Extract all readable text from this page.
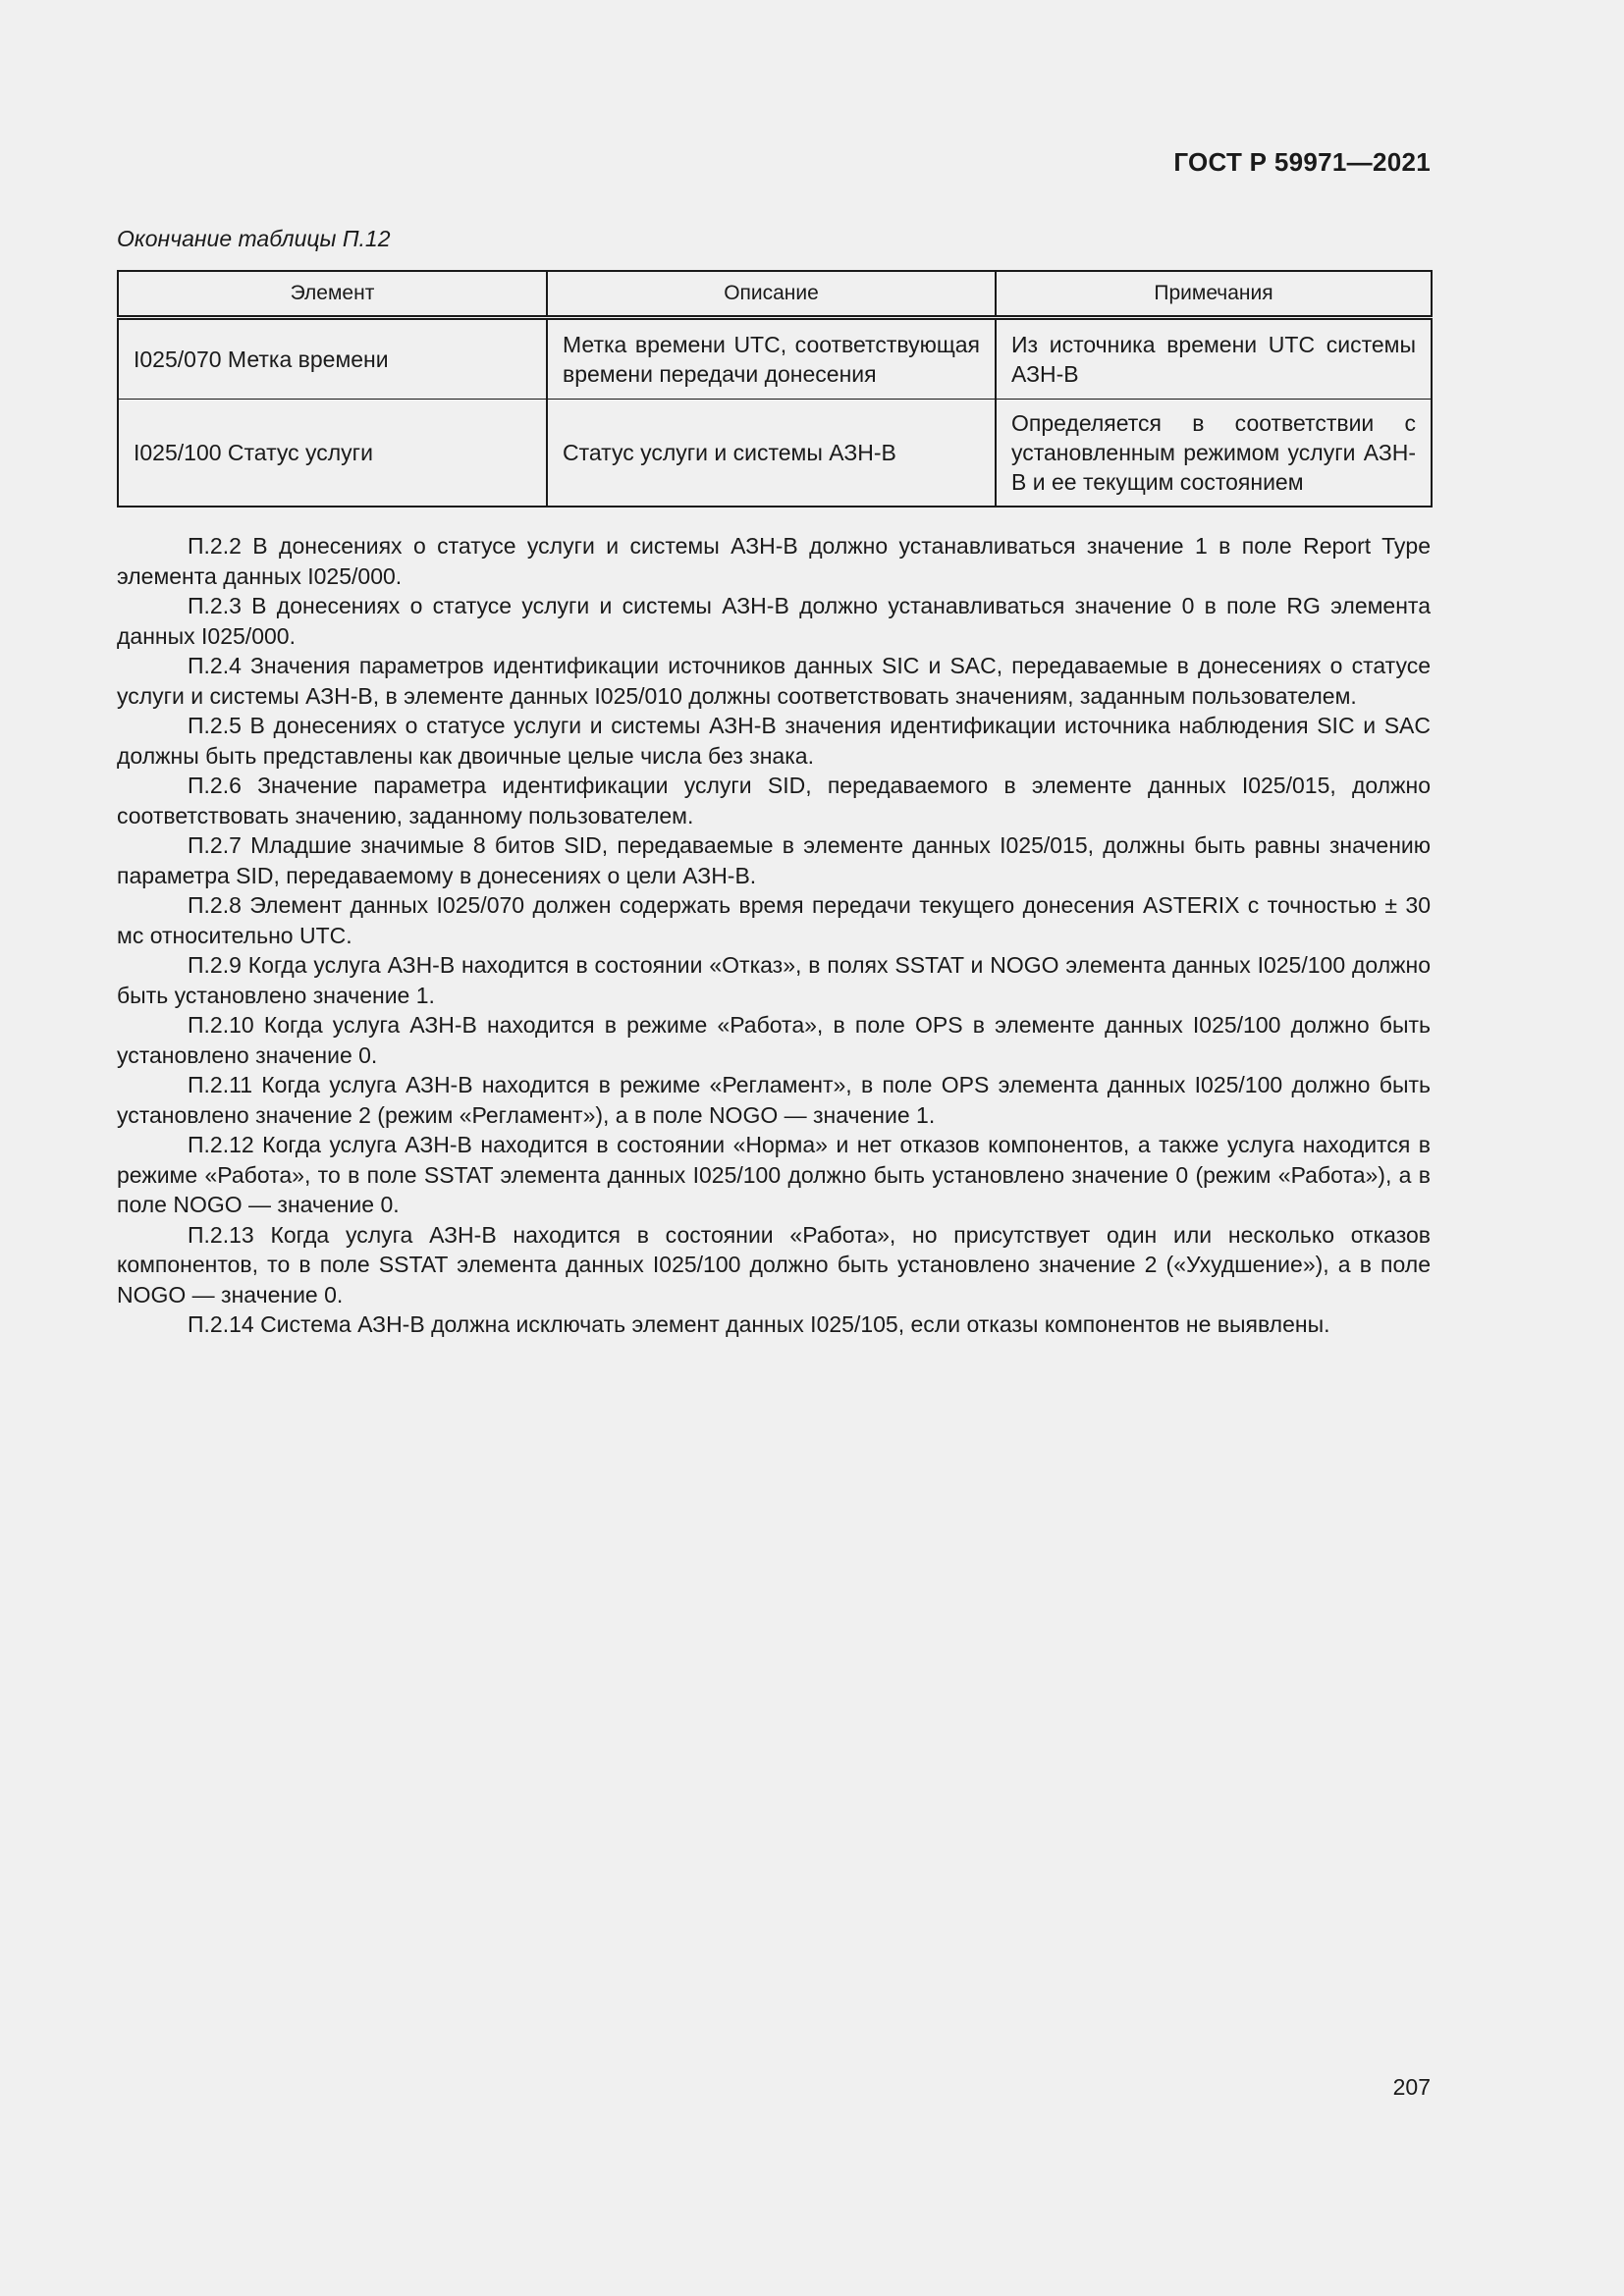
ГОСТ Р 59971—2021
Окончание таблицы П.12
Элемент	Описание	Примечания
I025/070 Метка времени	Метка времени UTC, соответствующая времени передачи донесения	Из источника времени UTC системы АЗН-В
I025/100 Статус услуги	Статус услуги и системы АЗН-В	Определяется в соответствии с установленным режимом услуги АЗН-В и ее текущим состоянием

П.2.2 В донесениях о статусе услуги и системы АЗН-В должно устанавливаться значение 1 в поле Report Type элемента данных I025/000.

П.2.3 В донесениях о статусе услуги и системы АЗН-В должно устанавливаться значение 0 в поле RG элемента данных I025/000.

П.2.4 Значения параметров идентификации источников данных SIC и SAC, передаваемые в донесениях о статусе услуги и системы АЗН-В, в элементе данных I025/010 должны соответствовать значениям, заданным пользователем.

П.2.5 В донесениях о статусе услуги и системы АЗН-В значения идентификации источника наблюдения SIC и SAC должны быть представлены как двоичные целые числа без знака.

П.2.6 Значение параметра идентификации услуги SID, передаваемого в элементе данных I025/015, должно соответствовать значению, заданному пользователем.

П.2.7 Младшие значимые 8 битов SID, передаваемые в элементе данных I025/015, должны быть равны значению параметра SID, передаваемому в донесениях о цели АЗН-В.

П.2.8 Элемент данных I025/070 должен содержать время передачи текущего донесения ASTERIX с точностью ± 30 мс относительно UTC.

П.2.9 Когда услуга АЗН-В находится в состоянии «Отказ», в полях SSTAT и NOGO элемента данных I025/100 должно быть установлено значение 1.

П.2.10 Когда услуга АЗН-В находится в режиме «Работа», в поле OPS в элементе данных I025/100 должно быть установлено значение 0.

П.2.11 Когда услуга АЗН-В находится в режиме «Регламент», в поле OPS элемента данных I025/100 должно быть установлено значение 2 (режим «Регламент»), а в поле NOGO — значение 1.

П.2.12 Когда услуга АЗН-В находится в состоянии «Норма» и нет отказов компонентов, а также услуга находится в режиме «Работа», то в поле SSTAT элемента данных I025/100 должно быть установлено значение 0 (режим «Работа»), а в поле NOGO — значение 0.

П.2.13 Когда услуга АЗН-В находится в состоянии «Работа», но присутствует один или несколько отказов компонентов, то в поле SSTAT элемента данных I025/100 должно быть установлено значение 2 («Ухудшение»), а в поле NOGO — значение 0.

П.2.14 Система АЗН-В должна исключать элемент данных I025/105, если отказы компонентов не выявлены.

207
